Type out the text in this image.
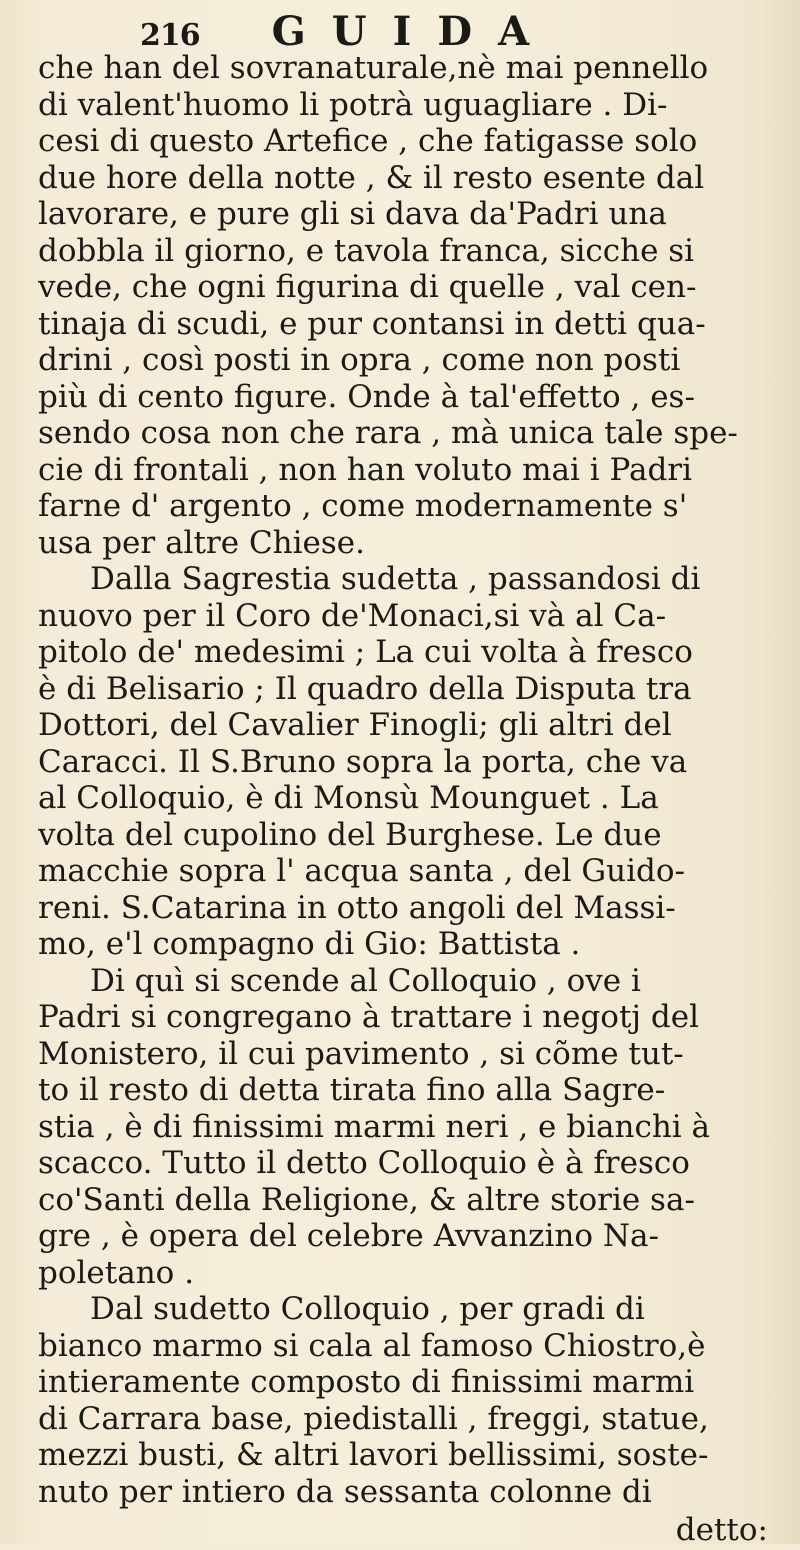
216 GUIDA
che han del sovranaturale,nè mai pennello
di valent'huomo li potrà uguagliare . Di-
cesi di questo Artefice , che fatigasse solo
due hore della notte , & il resto esente dal
lavorare, e pure gli si dava da'Padri una
dobbla il giorno, e tavola franca, sicche si
vede, che ogni figurina di quelle , val cen-
tinaja di scudi, e pur contansi in detti qua-
drini , così posti in opra , come non posti
più di cento figure. Onde à tal'effetto , es-
sendo cosa non che rara , mà unica tale spe-
cie di frontali , non han voluto mai i Padri
farne d' argento , come modernamente s'
usa per altre Chiese.
Dalla Sagrestia sudetta , passandosi di
nuovo per il Coro de'Monaci,si và al Ca-
pitolo de' medesimi ; La cui volta à fresco
è di Belisario ; Il quadro della Disputa tra
Dottori, del Cavalier Finogli; gli altri del
Caracci. Il S.Bruno sopra la porta, che va
al Colloquio, è di Monsù Mounguet . La
volta del cupolino del Burghese. Le due
macchie sopra l' acqua santa , del Guido-
reni. S.Catarina in otto angoli del Massi-
mo, e'l compagno di Gio: Battista .
Di quì si scende al Colloquio , ove i
Padri si congregano à trattare i negotj del
Monistero, il cui pavimento , si cõme tut-
to il resto di detta tirata fino alla Sagre-
stia , è di finissimi marmi neri , e bianchi à
scacco. Tutto il detto Colloquio è à fresco
co'Santi della Religione, & altre storie sa-
gre , è opera del celebre Avvanzino Na-
poletano .
Dal sudetto Colloquio , per gradi di
bianco marmo si cala al famoso Chiostro,è
intieramente composto di finissimi marmi
di Carrara base, piedistalli , freggi, statue,
mezzi busti, & altri lavori bellissimi, soste-
nuto per intiero da sessanta colonne di
detto:
